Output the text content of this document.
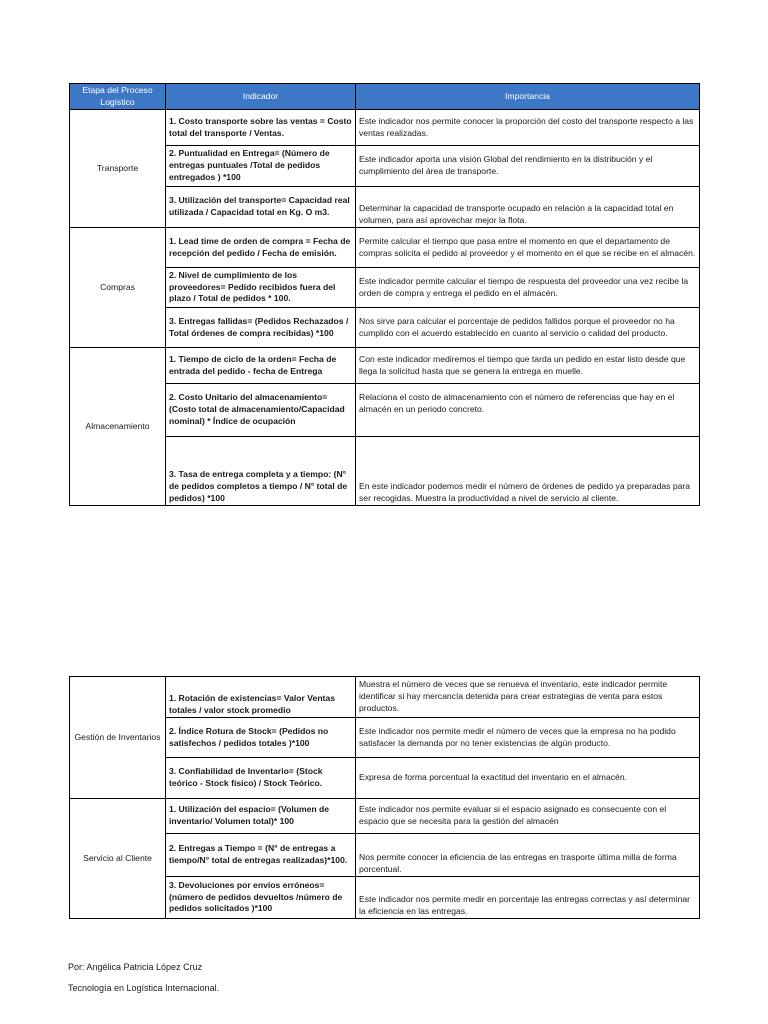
Etapa del Proceso Logístico	Indicador	Importancia
Transporte	1. Costo transporte sobre las ventas = Costo total del transporte / Ventas.	Este indicador nos permite conocer la proporción del costo del transporte respecto a las ventas realizadas.
	2. Puntualidad en Entrega= (Número de entregas puntuales /Total de pedidos entregados ) *100	Este indicador aporta una visión Global del rendimiento en la distribución y el cumplimiento del área de transporte.
	3. Utilización del transporte= Capacidad real utilizada / Capacidad total en Kg. O m3.	Determinar la capacidad de transporte ocupado en relación a la capacidad total en volumen, para así aprovechar mejor la flota.
Compras	1. Lead time de orden de compra = Fecha de recepción del pedido / Fecha de emisión.	Permite calcular el tiempo que pasa entre el momento en que el departamento de compras solicita el pedido al proveedor y el momento en el que se recibe en el almacén.
	2. Nivel de cumplimiento de los proveedores= Pedido recibidos fuera del plazo / Total de pedidos * 100.	Este indicador permite calcular el tiempo de respuesta del proveedor una vez recibe la orden de compra y entrega el pedido en el almacén.
	3. Entregas fallidas= (Pedidos Rechazados / Total órdenes de compra recibidas) *100	Nos sirve para calcular el porcentaje de pedidos fallidos porque el proveedor no ha cumplido con el acuerdo establecido en cuanto al servicio o calidad del producto.
Almacenamiento	1. Tiempo de ciclo de la orden= Fecha de entrada del pedido - fecha de Entrega	Con este indicador mediremos el tiempo que tarda un pedido en estar listo desde que llega la solicitud hasta que se genera la entrega en muelle.
	2. Costo Unitario del almacenamiento= (Costo total de almacenamiento/Capacidad nominal) * Índice de ocupación	Relaciona el costo de almacenamiento con el número de referencias que hay en el almacén en un periodo concreto.
	3. Tasa de entrega completa y a tiempo: (N° de pedidos completos a tiempo / N° total de pedidos) *100	En este indicador podemos medir el número de órdenes de pedido ya preparadas para ser recogidas. Muestra la productividad a nivel de servicio al cliente.
Gestión de Inventarios	1. Rotación de existencias= Valor Ventas totales / valor stock promedio	Muestra el número de veces que se renueva el inventario, este indicador permite identificar si hay mercancía detenida para crear estrategias de venta para estos productos.
	2. Índice Rotura de Stock= (Pedidos no satisfechos / pedidos totales )*100	Este indicador nos permite medir el número de veces que la empresa no ha podido satisfacer la demanda por no tener existencias de algún producto.
	3. Confiabilidad de Inventario= (Stock teórico - Stock físico) / Stock Teórico.	Expresa de forma porcentual la exactitud del inventario en el almacén.
Servicio al Cliente	1. Utilización del espacio= (Volumen de inventario/ Volumen total)* 100	Este indicador nos permite evaluar si el espacio asignado es consecuente con el espacio que se necesita para la gestión del almacén
	2. Entregas a Tiempo = (N° de entregas a tiempo/N° total de entregas realizadas)*100.	Nos permite conocer la eficiencia de las entregas en trasporte última milla de forma porcentual.
	3. Devoluciones por envíos erróneos= (número de pedidos devueltos /número de pedidos solicitados )*100	Este indicador nos permite medir en porcentaje las entregas correctas y así determinar la eficiencia en las entregas.
Por: Angélica Patricia López Cruz
Tecnología en Logística Internacional.
